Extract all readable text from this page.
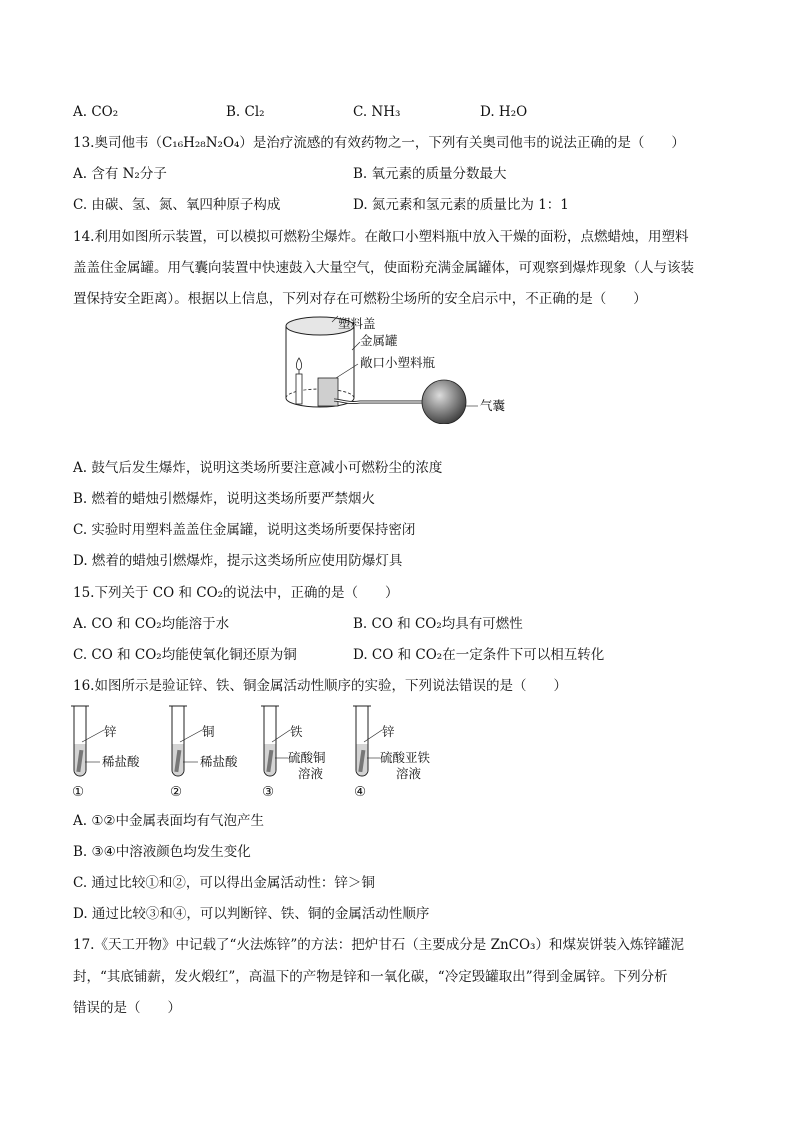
A. CO₂	B. Cl₂	C. NH₃	D. H₂O
13.奥司他韦（C₁₆H₂₈N₂O₄）是治疗流感的有效药物之一，下列有关奥司他韦的说法正确的是（　　）
A. 含有 N₂分子	B. 氧元素的质量分数最大
C. 由碳、氢、氮、氧四种原子构成	D. 氮元素和氢元素的质量比为 1：1
14.利用如图所示装置，可以模拟可燃粉尘爆炸。在敞口小塑料瓶中放入干燥的面粉，点燃蜡烛，用塑料
盖盖住金属罐。用气囊向装置中快速鼓入大量空气，使面粉充满金属罐体，可观察到爆炸现象（人与该装
置保持安全距离）。根据以上信息，下列对存在可燃粉尘场所的安全启示中，不正确的是（　　）
塑料盖
金属罐
敞口小塑料瓶
气囊
A. 鼓气后发生爆炸，说明这类场所要注意减小可燃粉尘的浓度
B. 燃着的蜡烛引燃爆炸，说明这类场所要严禁烟火
C. 实验时用塑料盖盖住金属罐，说明这类场所要保持密闭
D. 燃着的蜡烛引燃爆炸，提示这类场所应使用防爆灯具
15.下列关于 CO 和 CO₂的说法中，正确的是（　　）
A. CO 和 CO₂均能溶于水	B. CO 和 CO₂均具有可燃性
C. CO 和 CO₂均能使氧化铜还原为铜	D. CO 和 CO₂在一定条件下可以相互转化
16.如图所示是验证锌、铁、铜金属活动性顺序的实验，下列说法错误的是（　　）
锌
稀盐酸
①
铜
稀盐酸
②
铁
硫酸铜
溶液
③
锌
硫酸亚铁
溶液
④
A. ①②中金属表面均有气泡产生
B. ③④中溶液颜色均发生变化
C. 通过比较①和②，可以得出金属活动性：锌＞铜
D. 通过比较③和④，可以判断锌、铁、铜的金属活动性顺序
17.《天工开物》中记载了“火法炼锌”的方法：把炉甘石（主要成分是 ZnCO₃）和煤炭饼装入炼锌罐泥
封，“其底铺薪，发火煅红”，高温下的产物是锌和一氧化碳，“冷定毁罐取出”得到金属锌。下列分析
错误的是（　　）
